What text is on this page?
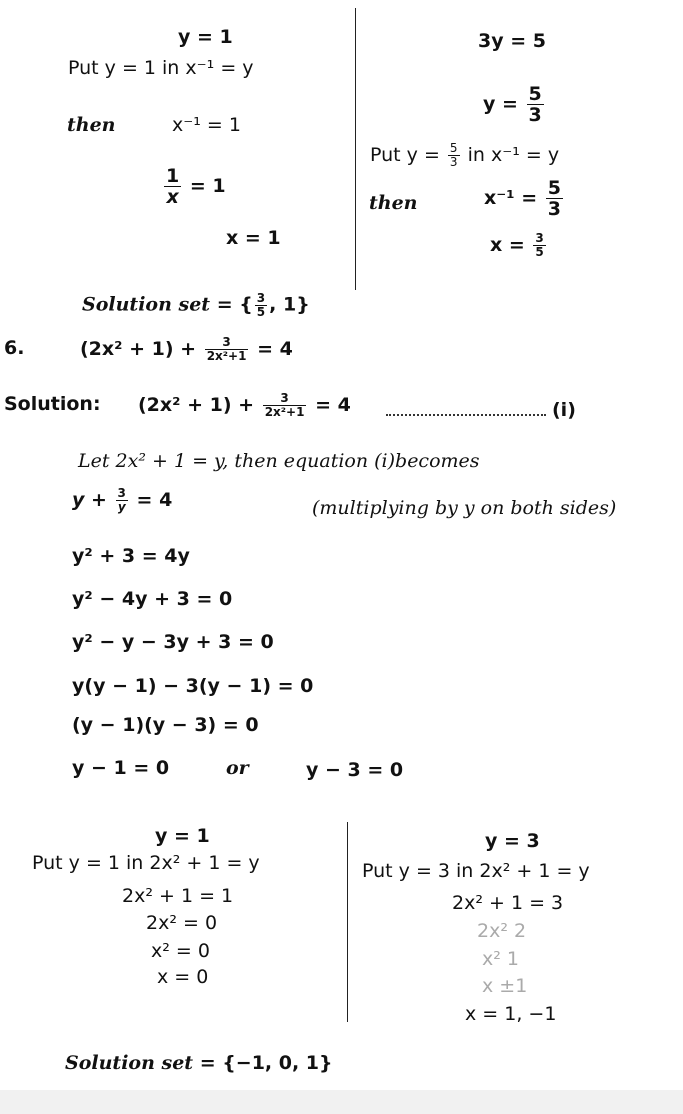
y = 1
Put y = 1 in x⁻¹ = y
then	x⁻¹ = 1
$\frac{1}{x} = 1$
x = 1
3y = 5
$y = \frac{5}{3}$
Put $y = \frac{5}{3}$ in x⁻¹ = y
then	$x^{-1} = \frac{5}{3}$
$x = \frac{3}{5}$
Solution set = { $\frac{3}{5}$ , 1}
6.	$(2x^2 + 1) + \frac{3}{\text{2x²+1}} = 4$
Solution: $(2x^2 + 1) + \frac{3}{\text{2x²+1}} = 4$	(i)
Let 2x² + 1 = y, then equation (i)becomes
$y + \frac{3}{y} = 4$	(multiplying by y on both sides)
y² + 3 = 4y
y² − 4y + 3 = 0
y² − y − 3y + 3 = 0
y(y − 1) − 3(y − 1) = 0
(y − 1)(y − 3) = 0
y − 1 = 0	or	y − 3 = 0
y = 1
Put y = 1 in 2x² + 1 = y
2x² + 1 = 1
2x² = 0
x² = 0
x = 0
y = 3
Put y = 3 in 2x² + 1 = y
2x² + 1 = 3
2x² 2
x² 1
x ±1
x = 1, −1
Solution set = {−1, 0, 1}
